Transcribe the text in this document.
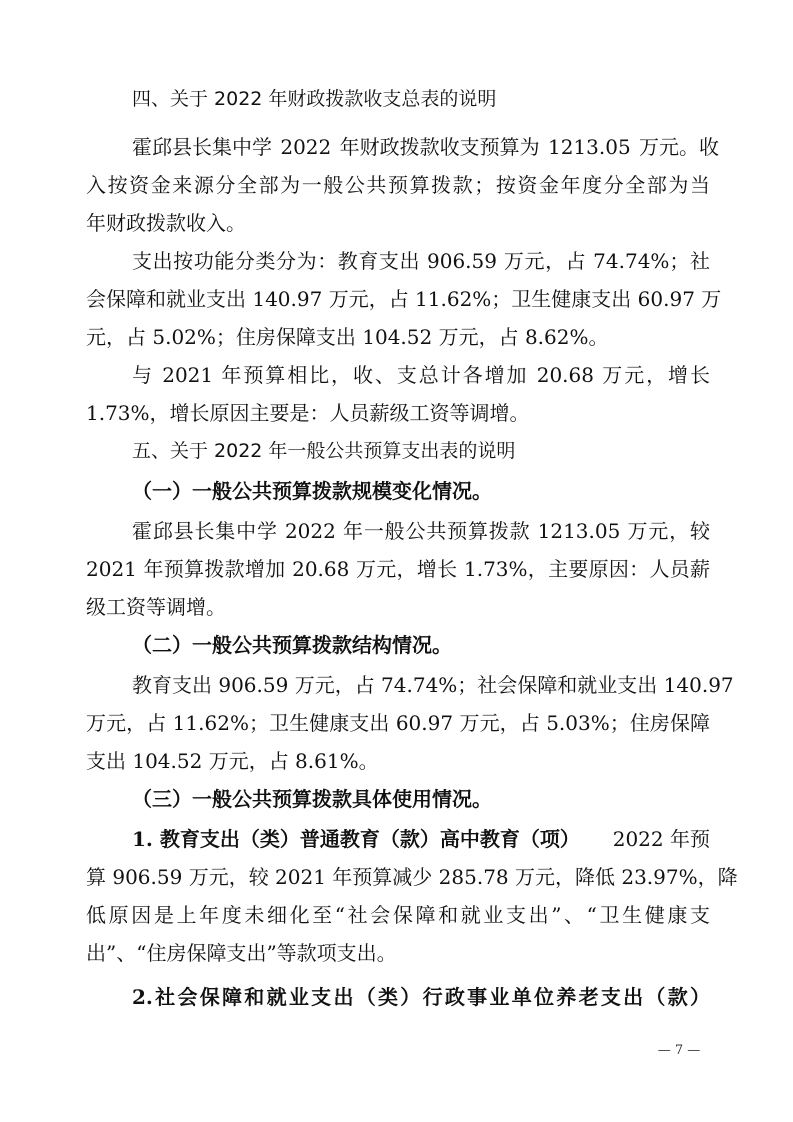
四、关于 2022 年财政拨款收支总表的说明
霍邱县长集中学 2022 年财政拨款收支预算为 1213.05 万元。收
入按资金来源分全部为一般公共预算拨款；按资金年度分全部为当
年财政拨款收入。
支出按功能分类分为：教育支出 906.59 万元，占 74.74%；社
会保障和就业支出 140.97 万元，占 11.62%；卫生健康支出 60.97 万
元，占 5.02%；住房保障支出 104.52 万元，占 8.62%。
与 2021 年预算相比，收、支总计各增加 20.68 万元，增长
1.73%，增长原因主要是：人员薪级工资等调增。
五、关于 2022 年一般公共预算支出表的说明
（一）一般公共预算拨款规模变化情况。
霍邱县长集中学 2022 年一般公共预算拨款 1213.05 万元，较
2021 年预算拨款增加 20.68 万元，增长 1.73%，主要原因：人员薪
级工资等调增。
（二）一般公共预算拨款结构情况。
教育支出 906.59 万元，占 74.74%；社会保障和就业支出 140.97
万元，占 11.62%；卫生健康支出 60.97 万元，占 5.03%；住房保障
支出 104.52 万元，占 8.61%。
（三）一般公共预算拨款具体使用情况。
1. 教育支出（类）普通教育（款）高中教育（项） 2022 年预
算 906.59 万元，较 2021 年预算减少 285.78 万元，降低 23.97%，降
低原因是上年度未细化至“社会保障和就业支出”、“卫生健康支
出”、“住房保障支出”等款项支出。
2.社会保障和就业支出（类）行政事业单位养老支出（款）
— 7 —
